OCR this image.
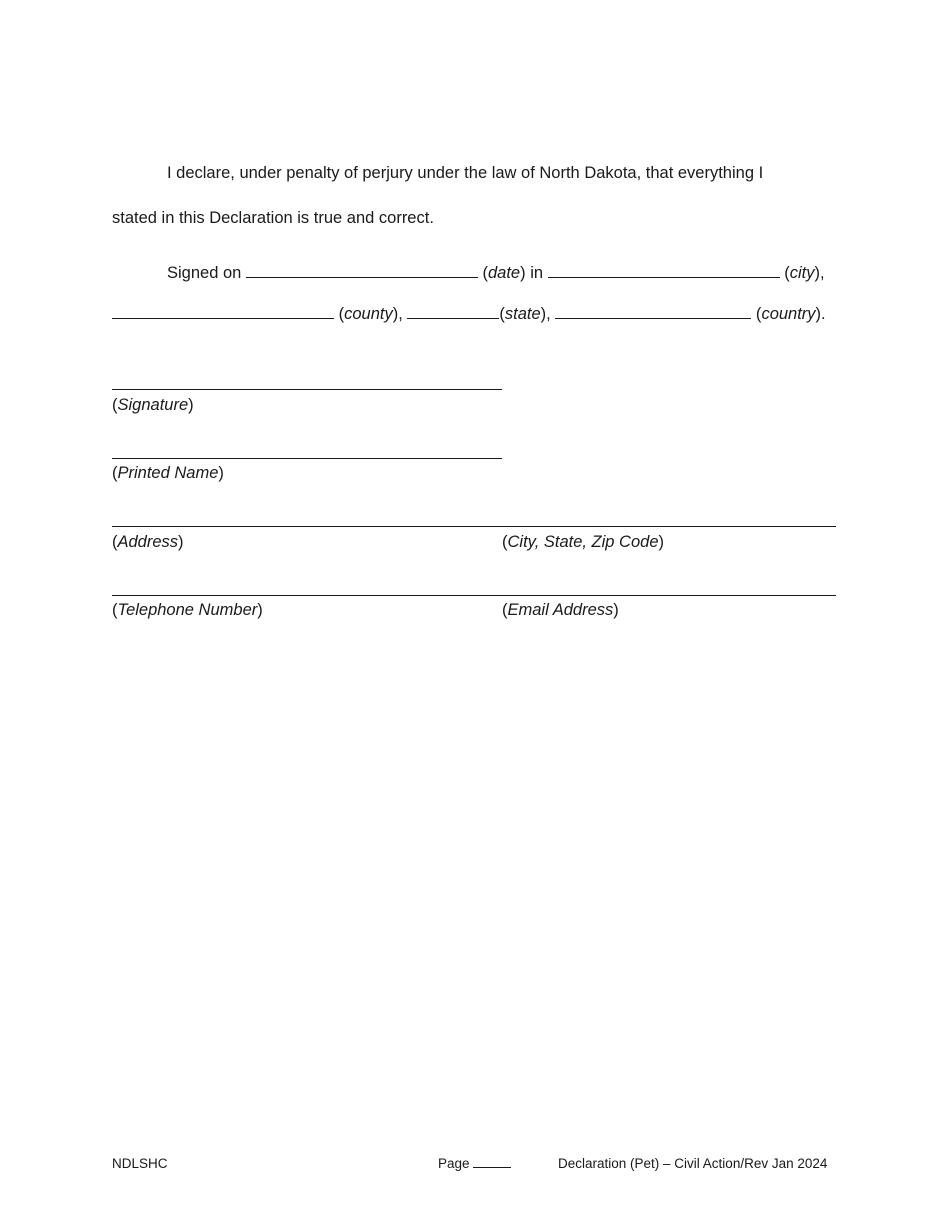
I declare, under penalty of perjury under the law of North Dakota, that everything I
stated in this Declaration is true and correct.
Signed on	(date) in	(city),
(county),	(state),	(country).
(Signature)
(Printed Name)
(Address)	(City, State, Zip Code)
(Telephone Number)	(Email Address)
NDLSHC	Page	Declaration (Pet) – Civil Action/Rev Jan 2024
